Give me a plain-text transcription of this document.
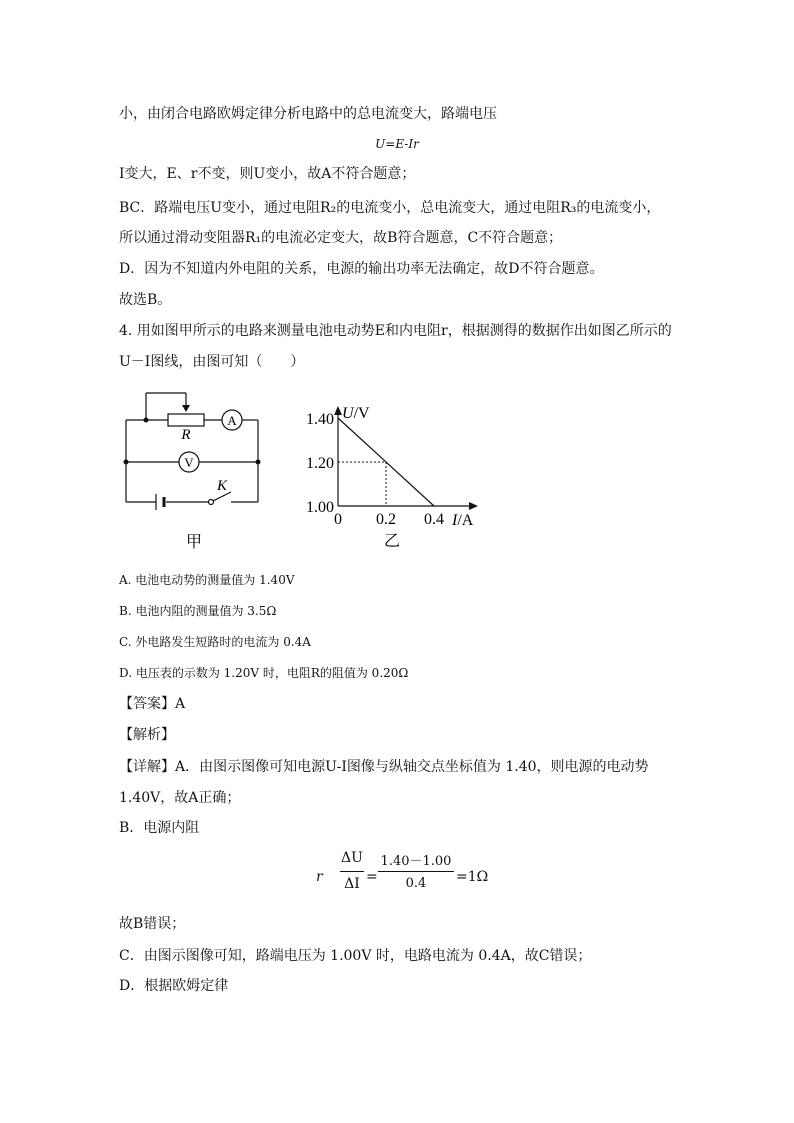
小，由闭合电路欧姆定律分析电路中的总电流变大，路端电压
U=E-Ir
I变大，E、r不变，则U变小，故A不符合题意；
BC．路端电压U变小，通过电阻R₂的电流变小，总电流变大，通过电阻R₃的电流变小，
所以通过滑动变阻器R₁的电流必定变大，故B符合题意，C不符合题意；
D．因为不知道内外电阻的关系，电源的输出功率无法确定，故D不符合题意。
故选B。
4. 用如图甲所示的电路来测量电池电动势E和内电阻r，根据测得的数据作出如图乙所示的
U－I图线，由图可知（　　）
R
A
V
K
甲
U/V
I/A
1.00
1.20
1.40
0 0.2 0.4
乙
A. 电池电动势的测量值为 1.40V
B. 电池内阻的测量值为 3.5Ω
C. 外电路发生短路时的电流为 0.4A
D. 电压表的示数为 1.20V 时，电阻R的阻值为 0.20Ω
【答案】A
【解析】
【详解】A．由图示图像可知电源U-I图像与纵轴交点坐标值为 1.40，则电源的电动势
1.40V，故A正确；
B．电源内阻
r
ΔU
ΔI =
1.40－1.00
0.4	=1Ω
故B错误；
C．由图示图像可知，路端电压为 1.00V 时，电路电流为 0.4A，故C错误；
D．根据欧姆定律
